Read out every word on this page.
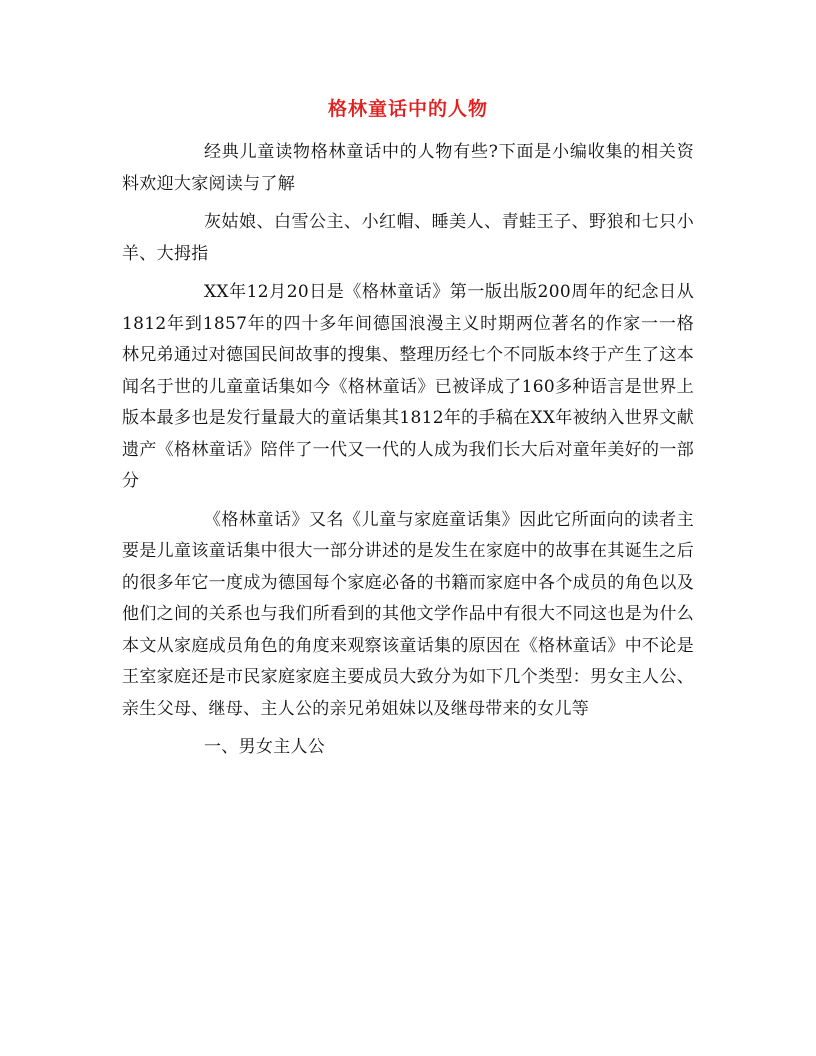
格林童话中的人物

经典儿童读物格林童话中的人物有些?下面是小编收集的相关资料欢迎大家阅读与了解

灰姑娘、白雪公主、小红帽、睡美人、青蛙王子、野狼和七只小羊、大拇指

XX年12月20日是《格林童话》第一版出版200周年的纪念日从1812年到1857年的四十多年间德国浪漫主义时期两位著名的作家一一格林兄弟通过对德国民间故事的搜集、整理历经七个不同版本终于产生了这本闻名于世的儿童童话集如今《格林童话》已被译成了160多种语言是世界上版本最多也是发行量最大的童话集其1812年的手稿在XX年被纳入世界文献遗产《格林童话》陪伴了一代又一代的人成为我们长大后对童年美好的一部分

《格林童话》又名《儿童与家庭童话集》因此它所面向的读者主要是儿童该童话集中很大一部分讲述的是发生在家庭中的故事在其诞生之后的很多年它一度成为德国每个家庭必备的书籍而家庭中各个成员的角色以及他们之间的关系也与我们所看到的其他文学作品中有很大不同这也是为什么本文从家庭成员角色的角度来观察该童话集的原因在《格林童话》中不论是王室家庭还是市民家庭家庭主要成员大致分为如下几个类型：男女主人公、亲生父母、继母、主人公的亲兄弟姐妹以及继母带来的女儿等

一、男女主人公
